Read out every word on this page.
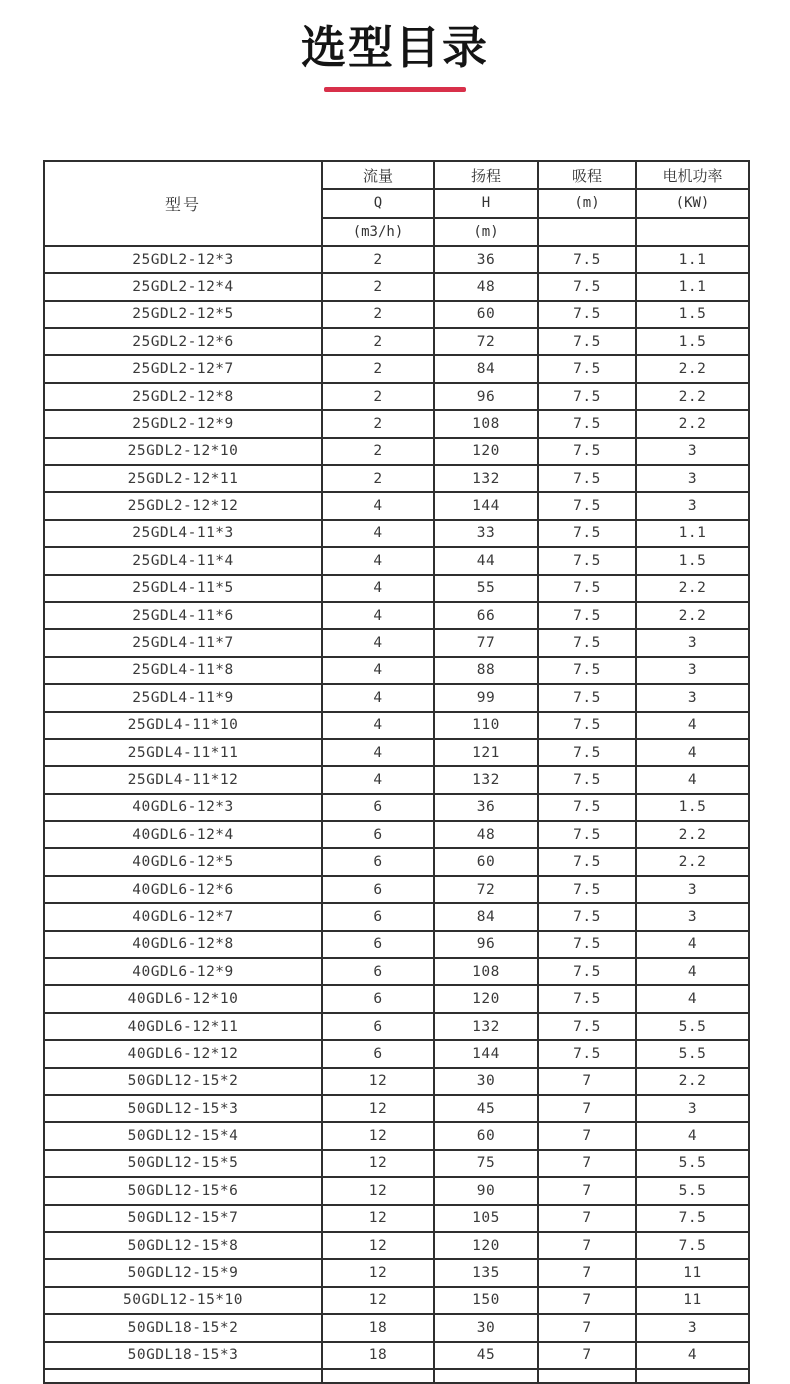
选型目录
型号	流量	扬程	吸程	电机功率
	Q	H	(m)	(KW)
	(m3/h)	(m)		
25GDL2-12*3	2	36	7.5	1.1
25GDL2-12*4	2	48	7.5	1.1
25GDL2-12*5	2	60	7.5	1.5
25GDL2-12*6	2	72	7.5	1.5
25GDL2-12*7	2	84	7.5	2.2
25GDL2-12*8	2	96	7.5	2.2
25GDL2-12*9	2	108	7.5	2.2
25GDL2-12*10	2	120	7.5	3
25GDL2-12*11	2	132	7.5	3
25GDL2-12*12	4	144	7.5	3
25GDL4-11*3	4	33	7.5	1.1
25GDL4-11*4	4	44	7.5	1.5
25GDL4-11*5	4	55	7.5	2.2
25GDL4-11*6	4	66	7.5	2.2
25GDL4-11*7	4	77	7.5	3
25GDL4-11*8	4	88	7.5	3
25GDL4-11*9	4	99	7.5	3
25GDL4-11*10	4	110	7.5	4
25GDL4-11*11	4	121	7.5	4
25GDL4-11*12	4	132	7.5	4
40GDL6-12*3	6	36	7.5	1.5
40GDL6-12*4	6	48	7.5	2.2
40GDL6-12*5	6	60	7.5	2.2
40GDL6-12*6	6	72	7.5	3
40GDL6-12*7	6	84	7.5	3
40GDL6-12*8	6	96	7.5	4
40GDL6-12*9	6	108	7.5	4
40GDL6-12*10	6	120	7.5	4
40GDL6-12*11	6	132	7.5	5.5
40GDL6-12*12	6	144	7.5	5.5
50GDL12-15*2	12	30	7	2.2
50GDL12-15*3	12	45	7	3
50GDL12-15*4	12	60	7	4
50GDL12-15*5	12	75	7	5.5
50GDL12-15*6	12	90	7	5.5
50GDL12-15*7	12	105	7	7.5
50GDL12-15*8	12	120	7	7.5
50GDL12-15*9	12	135	7	11
50GDL12-15*10	12	150	7	11
50GDL18-15*2	18	30	7	3
50GDL18-15*3	18	45	7	4
